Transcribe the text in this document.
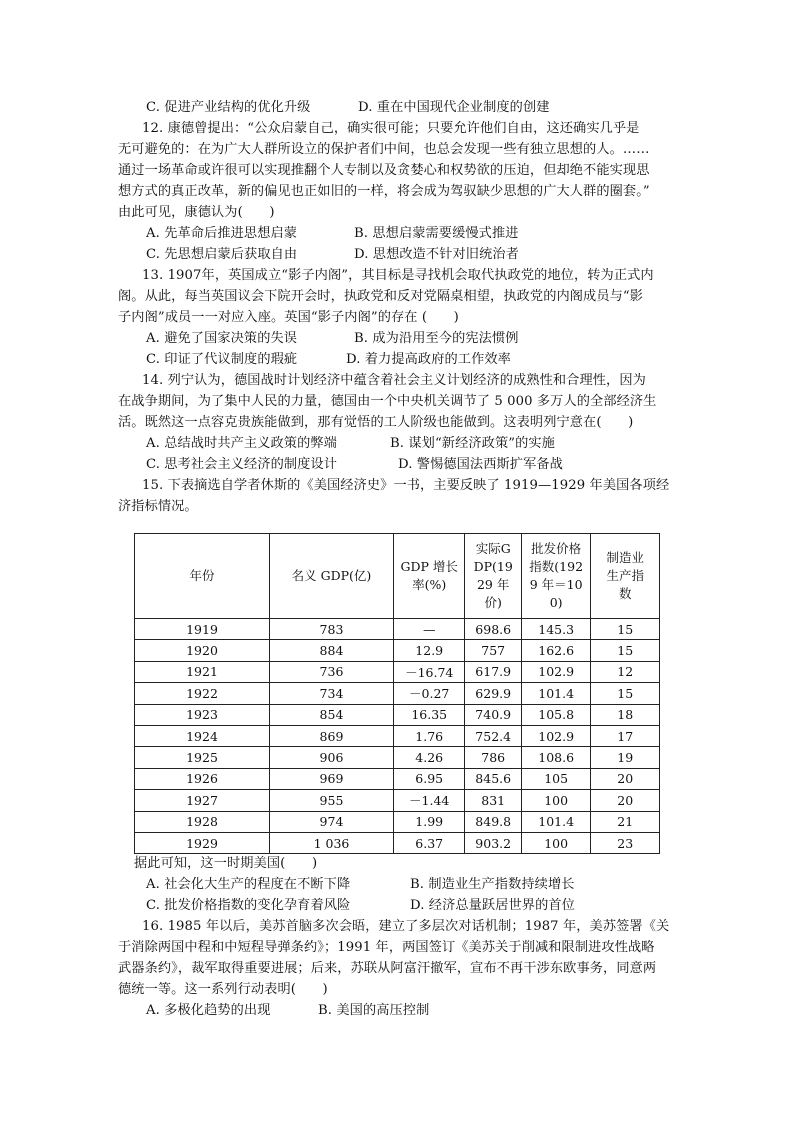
C. 促进产业结构的优化升级	D. 重在中国现代企业制度的创建
12. 康德曾提出：“公众启蒙自己，确实很可能；只要允许他们自由，这还确实几乎是
无可避免的：在为广大人群所设立的保护者们中间，也总会发现一些有独立思想的人。……
通过一场革命或许很可以实现推翻个人专制以及贪婪心和权势欲的压迫，但却绝不能实现思
想方式的真正改革，新的偏见也正如旧的一样，将会成为驾驭缺少思想的广大人群的圈套。”
由此可见，康德认为(　　)
A. 先革命后推进思想启蒙	B. 思想启蒙需要缓慢式推进
C. 先思想启蒙后获取自由	D. 思想改造不针对旧统治者
13. 1907年，英国成立“影子内阁”，其目标是寻找机会取代执政党的地位，转为正式内
阁。从此，每当英国议会下院开会时，执政党和反对党隔桌相望，执政党的内阁成员与“影
子内阁”成员一一对应入座。英国“影子内阁”的存在 (　　)
A. 避免了国家决策的失误	B. 成为沿用至今的宪法惯例
C. 印证了代议制度的瑕疵	D. 着力提高政府的工作效率
14. 列宁认为，德国战时计划经济中蕴含着社会主义计划经济的成熟性和合理性，因为
在战争期间，为了集中人民的力量，德国由一个中央机关调节了 5 000 多万人的全部经济生
活。既然这一点容克贵族能做到，那有觉悟的工人阶级也能做到。这表明列宁意在(　　)
A. 总结战时共产主义政策的弊端	B. 谋划“新经济政策”的实施
C. 思考社会主义经济的制度设计	D. 警惕德国法西斯扩军备战
15. 下表摘选自学者休斯的《美国经济史》一书，主要反映了 1919—1929 年美国各项经
济指标情况。
年份	名义 GDP(亿)	GDP 增长率(%)	实际GDP(1929 年价)	批发价格指数(1929 年＝100)	制造业生产指数
1919	783	—	698.6	145.3	15
1920	884	12.9	757	162.6	15
1921	736	－16.74	617.9	102.9	12
1922	734	－0.27	629.9	101.4	15
1923	854	16.35	740.9	105.8	18
1924	869	1.76	752.4	102.9	17
1925	906	4.26	786	108.6	19
1926	969	6.95	845.6	105	20
1927	955	－1.44	831	100	20
1928	974	1.99	849.8	101.4	21
1929	1 036	6.37	903.2	100	23
据此可知，这一时期美国(　　)
A. 社会化大生产的程度在不断下降	B. 制造业生产指数持续增长
C. 批发价格指数的变化孕育着风险	D. 经济总量跃居世界的首位
16. 1985 年以后，美苏首脑多次会晤，建立了多层次对话机制；1987 年，美苏签署《关
于消除两国中程和中短程导弹条约》；1991 年，两国签订《美苏关于削减和限制进攻性战略
武器条约》，裁军取得重要进展；后来，苏联从阿富汗撤军，宣布不再干涉东欧事务，同意两
德统一等。这一系列行动表明(　　)
A. 多极化趋势的出现	B. 美国的高压控制
